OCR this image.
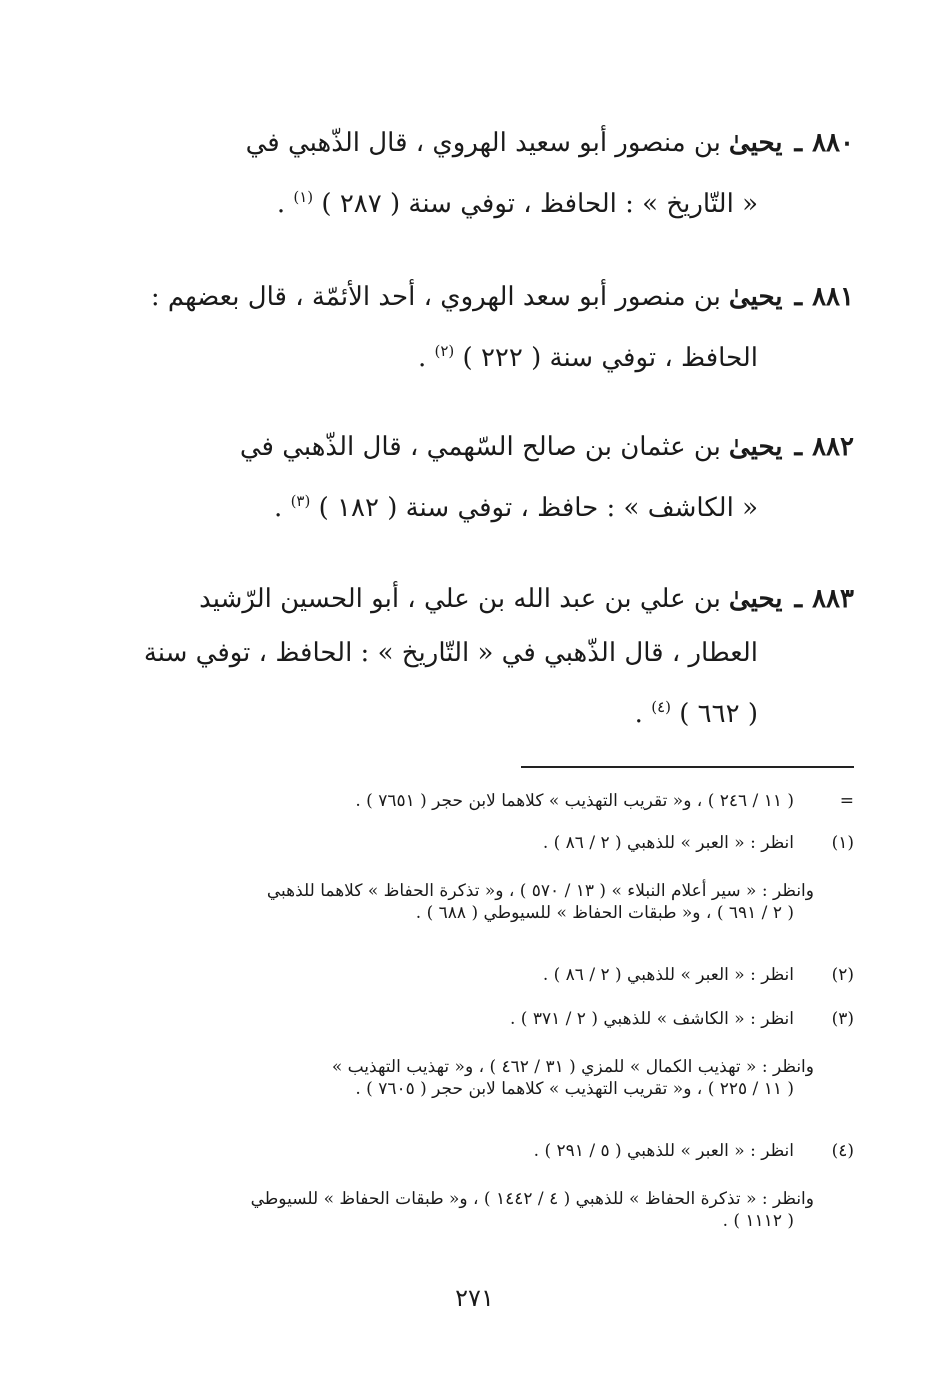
٨٨٠
ـ
يحيىٰ
بن منصور أبو سعيد الهروي ، قال الذّهبي في
« التّاريخ » : الحافظ ، توفي سنة ( ٢٨٧ ) $^{(١)}$ .
٨٨١
ـ
يحيىٰ
بن منصور أبو سعد الهروي ، أحد الأئمّة ، قال بعضهم :
الحافظ ، توفي سنة ( ٢٢٢ ) $^{(٢)}$ .
٨٨٢
ـ
يحيىٰ
بن عثمان بن صالح السّهمي ، قال الذّهبي في
« الكاشف » : حافظ ، توفي سنة ( ١٨٢ ) $^{(٣)}$ .
٨٨٣
ـ
يحيىٰ
بن علي بن عبد الله بن علي ، أبو الحسين الرّشيد
العطار ، قال الذّهبي في « التّاريخ » : الحافظ ، توفي سنة
( ٦٦٢ ) $^{(٤)}$ .
=( ١١ / ٢٤٦ ) ، و« تقريب التهذيب » كلاهما لابن حجر ( ٧٦٥١ ) .
(١)انظر : « العبر » للذهبي ( ٢ / ٨٦ ) .
وانظر : « سير أعلام النبلاء » ( ١٣ / ٥٧٠ ) ، و« تذكرة الحفاظ » كلاهما للذهبي
( ٢ / ٦٩١ ) ، و« طبقات الحفاظ » للسيوطي ( ٦٨٨ ) .
(٢)انظر : « العبر » للذهبي ( ٢ / ٨٦ ) .
(٣)انظر : « الكاشف » للذهبي ( ٢ / ٣٧١ ) .
وانظر : « تهذيب الكمال » للمزي ( ٣١ / ٤٦٢ ) ، و« تهذيب التهذيب »
( ١١ / ٢٢٥ ) ، و« تقريب التهذيب » كلاهما لابن حجر ( ٧٦٠٥ ) .
(٤)انظر : « العبر » للذهبي ( ٥ / ٢٩١ ) .
وانظر : « تذكرة الحفاظ » للذهبي ( ٤ / ١٤٤٢ ) ، و« طبقات الحفاظ » للسيوطي
( ١١١٢ ) .
٢٧١
